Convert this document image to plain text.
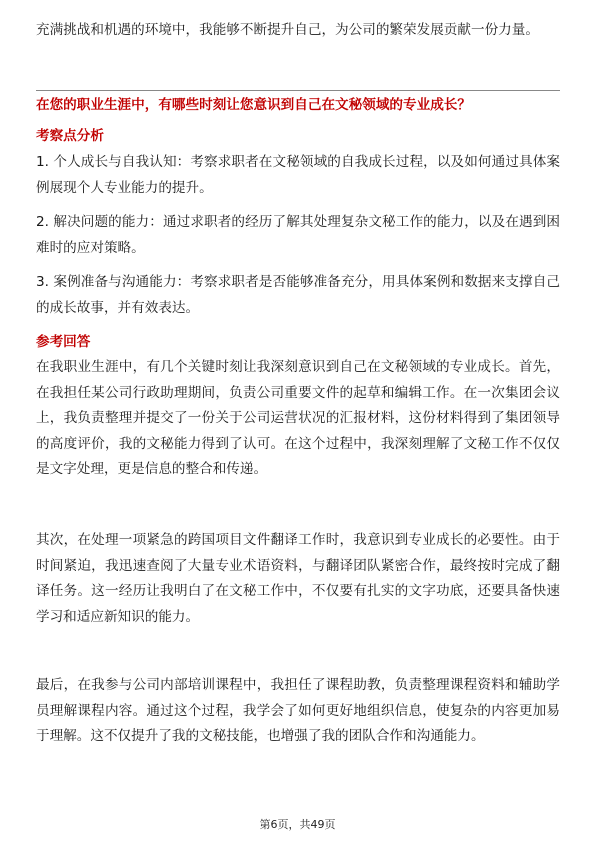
充满挑战和机遇的环境中，我能够不断提升自己，为公司的繁荣发展贡献一份力量。

在您的职业生涯中，有哪些时刻让您意识到自己在文秘领域的专业成长？

考察点分析

1. 个人成长与自我认知：考察求职者在文秘领域的自我成长过程，以及如何通过具体案例展现个人专业能力的提升。

2. 解决问题的能力：通过求职者的经历了解其处理复杂文秘工作的能力，以及在遇到困难时的应对策略。

3. 案例准备与沟通能力：考察求职者是否能够准备充分，用具体案例和数据来支撑自己的成长故事，并有效表达。

参考回答

在我职业生涯中，有几个关键时刻让我深刻意识到自己在文秘领域的专业成长。首先，在我担任某公司行政助理期间，负责公司重要文件的起草和编辑工作。在一次集团会议上，我负责整理并提交了一份关于公司运营状况的汇报材料，这份材料得到了集团领导的高度评价，我的文秘能力得到了认可。在这个过程中，我深刻理解了文秘工作不仅仅是文字处理，更是信息的整合和传递。

其次，在处理一项紧急的跨国项目文件翻译工作时，我意识到专业成长的必要性。由于时间紧迫，我迅速查阅了大量专业术语资料，与翻译团队紧密合作，最终按时完成了翻译任务。这一经历让我明白了在文秘工作中，不仅要有扎实的文字功底，还要具备快速学习和适应新知识的能力。

最后，在我参与公司内部培训课程中，我担任了课程助教，负责整理课程资料和辅助学员理解课程内容。通过这个过程，我学会了如何更好地组织信息，使复杂的内容更加易于理解。这不仅提升了我的文秘技能，也增强了我的团队合作和沟通能力。

第6页，共49页
